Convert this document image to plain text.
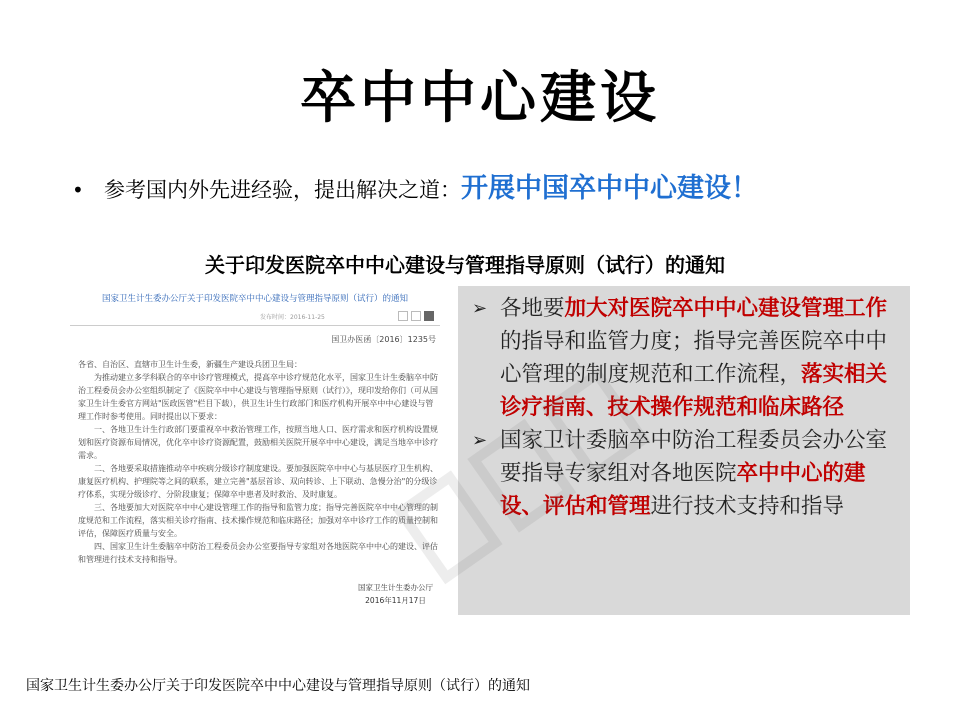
卒中中心建设
• 参考国内外先进经验，提出解决之道：开展中国卒中中心建设！
关于印发医院卒中中心建设与管理指导原则（试行）的通知
国家卫生计生委办公厅关于印发医院卒中中心建设与管理指导原则（试行）的通知
发布时间：2016-11-25
国卫办医函〔2016〕1235号

各省、自治区、直辖市卫生计生委，新疆生产建设兵团卫生局：

　　为推动建立多学科联合的卒中诊疗管理模式，提高卒中诊疗规范化水平，国家卫生计生委脑卒中防治工程委员会办公室组织制定了《医院卒中中心建设与管理指导原则（试行）》，现印发给你们（可从国家卫生计生委官方网站"医政医管"栏目下载），供卫生计生行政部门和医疗机构开展卒中中心建设与管理工作时参考使用。同时提出以下要求：

　　一、各地卫生计生行政部门要重视卒中救治管理工作，按照当地人口、医疗需求和医疗机构设置规划和医疗资源布局情况，优化卒中诊疗资源配置，鼓励相关医院开展卒中中心建设，满足当地卒中诊疗需求。

　　二、各地要采取措施推动卒中疾病分级诊疗制度建设。要加强医院卒中中心与基层医疗卫生机构、康复医疗机构、护理院等之间的联系，建立完善"基层首诊、双向转诊、上下联动、急慢分治"的分级诊疗体系，实现分级诊疗、分阶段康复；保障卒中患者及时救治、及时康复。

　　三、各地要加大对医院卒中中心建设管理工作的指导和监管力度；指导完善医院卒中中心管理的制度规范和工作流程，落实相关诊疗指南、技术操作规范和临床路径；加强对卒中诊疗工作的质量控制和评估，保障医疗质量与安全。

　　四、国家卫生计生委脑卒中防治工程委员会办公室要指导专家组对各地医院卒中中心的建设、评估和管理进行技术支持和指导。

国家卫生计生委办公厅
2016年11月17日
➢ 各地要加大对医院卒中中心建设管理工作的指导和监管力度；指导完善医院卒中中心管理的制度规范和工作流程，落实相关诊疗指南、技术操作规范和临床路径
➢ 国家卫计委脑卒中防治工程委员会办公室要指导专家组对各地医院卒中中心的建设、评估和管理进行技术支持和指导
国家卫生计生委办公厅关于印发医院卒中中心建设与管理指导原则（试行）的通知
